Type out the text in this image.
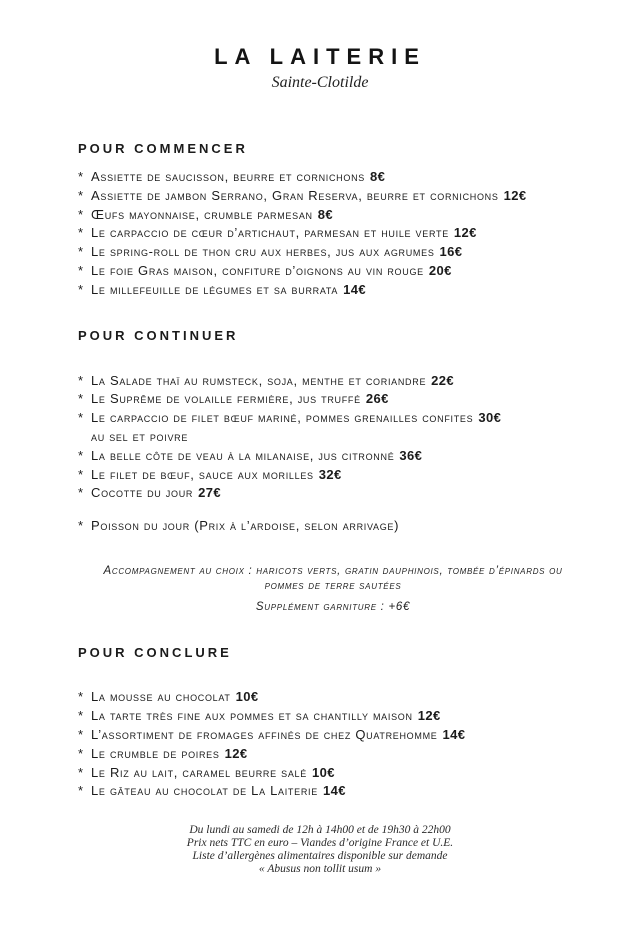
LA LAITERIE
Sainte-Clotilde
POUR COMMENCER
* Assiette de saucisson, beurre et cornichons 8€
* Assiette de jambon Serrano, Gran Reserva, beurre et cornichons 12€
* Œufs mayonnaise, crumble parmesan 8€
* Le carpaccio de cœur d’artichaut, parmesan et huile verte 12€
* Le spring-roll de thon cru aux herbes, jus aux agrumes 16€
* Le foie Gras maison, confiture d’oignons au vin rouge 20€
* Le millefeuille de légumes et sa burrata 14€
POUR CONTINUER
* La Salade thaï au rumsteck, soja, menthe et coriandre 22€
* Le Suprême de volaille fermière, jus truffé 26€
* Le carpaccio de filet bœuf mariné, pommes grenailles confites 30€
au sel et poivre
* La belle côte de veau à la milanaise, jus citronné 36€
* Le filet de bœuf, sauce aux morilles 32€
* Cocotte du jour 27€
* Poisson du jour (Prix à l’ardoise, selon arrivage)
Accompagnement au choix : haricots verts, gratin dauphinois, tombée d’épinards ou pommes de terre sautées
Supplément garniture : +6€
POUR CONCLURE
* La mousse au chocolat 10€
* La tarte très fine aux pommes et sa chantilly maison 12€
* L’assortiment de fromages affinés de chez Quatrehomme 14€
* Le crumble de poires 12€
* Le Riz au lait, caramel beurre salé 10€
* Le gâteau au chocolat de La Laiterie 14€
Du lundi au samedi de 12h à 14h00 et de 19h30 à 22h00
Prix nets TTC en euro – Viandes d’origine France et U.E.
Liste d’allergènes alimentaires disponible sur demande
« Abusus non tollit usum »
